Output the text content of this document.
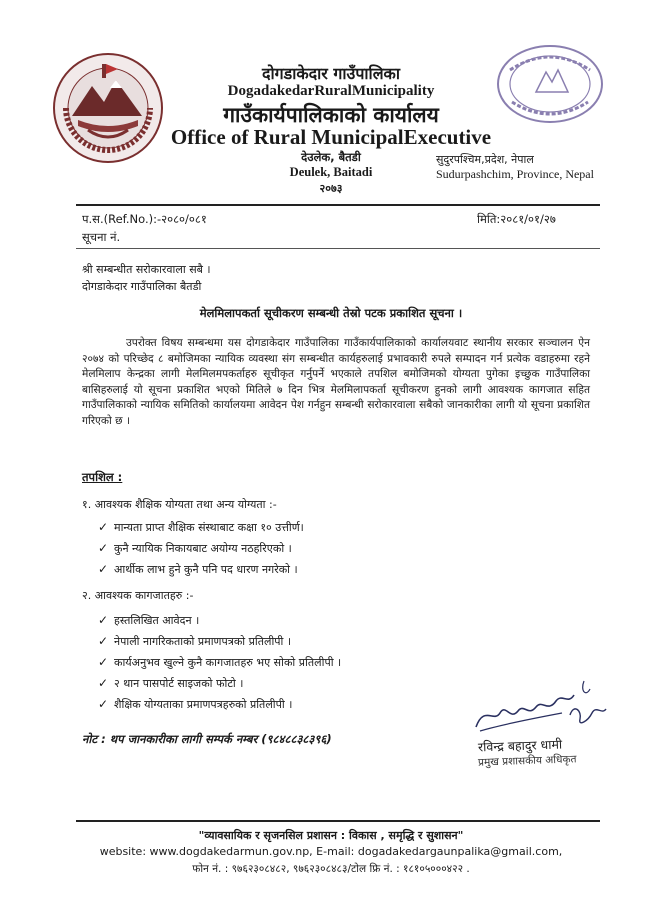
दोगडाकेदार गाउँपालिका
DogadakedarRuralMunicipality
गाउँकार्यपालिकाको कार्यालय
Office of Rural MunicipalExecutive
देउलेक, बैतडी
Deulek, Baitadi
२०७३
सुदुरपश्चिम,प्रदेश, नेपाल
Sudurpashchim, Province, Nepal
प.स.(Ref.No.):-२०८०/०८१
सूचना नं.
मिति:२०८१/०१/२७
श्री सम्बन्धीत सरोकारवाला सबै ।
दोगडाकेदार गाउँपालिका बैतडी
मेलमिलापकर्ता सूचीकरण सम्बन्धी तेस्रो पटक प्रकाशित सूचना ।
उपरोक्त विषय सम्बन्धमा यस दोगडाकेदार गाउँपालिका गाउँकार्यपालिकाको कार्यालयवाट स्थानीय सरकार सञ्चालन ऐन २०७४ को परिच्छेद ८ बमोजिमका न्यायिक व्यवस्था संग सम्बन्धीत कार्यहरुलाई प्रभावकारी रुपले सम्पादन गर्न प्रत्येक वडाहरुमा रहने मेलमिलाप केन्द्रका लागी मेलमिलमपकर्ताहरु सूचीकृत गर्नुपर्ने भएकाले तपशिल बमोजिमको योग्यता पुगेका इच्छुक गाउँपालिका बासिहरुलाई यो सूचना प्रकाशित भएको मितिले ७ दिन भित्र मेलमिलापकर्ता सूचीकरण हुनको लागी आवश्यक कागजात सहित गाउँपालिकाको न्यायिक समितिको कार्यालयमा आवेदन पेश गर्नहुन सम्बन्धी सरोकारवाला सबैको जानकारीका लागी यो सूचना प्रकाशित गरिएको छ ।
तपशिल :
१. आवश्यक शैक्षिक योग्यता तथा अन्य योग्यता :-
✓ मान्यता प्राप्त शैक्षिक संस्थाबाट कक्षा १० उत्तीर्ण।
✓ कुनै न्यायिक निकायबाट अयोग्य नठहरिएको ।
✓ आर्थीक लाभ हुने कुनै पनि पद धारण नगरेको ।
२. आवश्यक कागजातहरु :-
✓ हस्तलिखित आवेदन ।
✓ नेपाली नागरिकताको प्रमाणपत्रको प्रतिलीपी ।
✓ कार्यअनुभव खुल्ने कुनै कागजातहरु भए सोको प्रतिलीपी ।
✓ २ थान पासपोर्ट साइजको फोटो ।
✓ शैक्षिक योग्यताका प्रमाणपत्रहरुको प्रतिलीपी ।
नोट : थप जानकारीका लागी सम्पर्क नम्बर (९८४८८३८३९६)	रविन्द्र बहादुर धामी
प्रमुख प्रशासकीय अधिकृत
"व्यावसायिक र सृजनसिल प्रशासन : विकास , समृद्धि र सुशासन"
website: www.dogdakedarmun.gov.np, E-mail: dogadakedargaunpalika@gmail.com,
फोन नं. : ९७६२३०८४८२, ९७६२३०८४८३/टोल फ्रि नं. : १८१०५०००४२२ .
